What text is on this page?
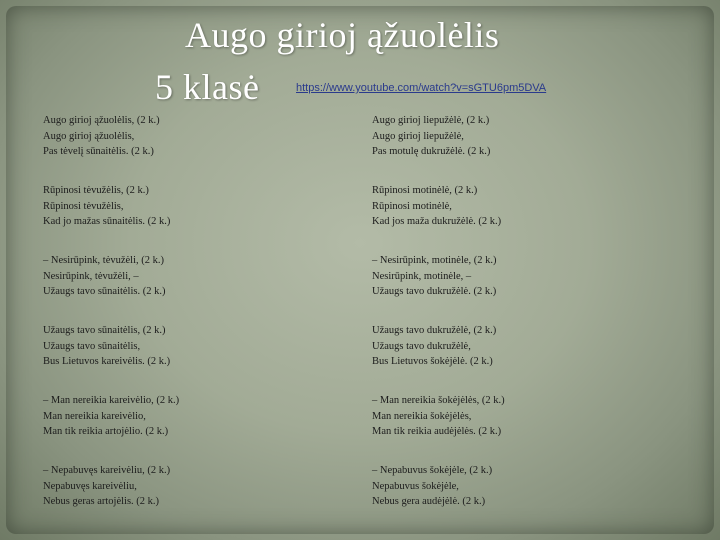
Augo girioj ąžuolėlis
5 klasė	https://www.youtube.com/watch?v=sGTU6pm5DVA
Augo girioj ąžuolėlis, (2 k.)
Augo girioj ąžuolėlis,
Pas tėvelį sūnaitėlis. (2 k.)
Rūpinosi tėvužėlis, (2 k.)
Rūpinosi tėvužėlis,
Kad jo mažas sūnaitėlis. (2 k.)
– Nesirūpink, tėvužėli, (2 k.)
Nesirūpink, tėvužėli, –
Užaugs tavo sūnaitėlis. (2 k.)
Užaugs tavo sūnaitėlis, (2 k.)
Užaugs tavo sūnaitėlis,
Bus Lietuvos kareivėlis. (2 k.)
– Man nereikia kareivėlio, (2 k.)
Man nereikia kareivėlio,
Man tik reikia artojėlio. (2 k.)
– Nepabuvęs kareivėliu, (2 k.)
Nepabuvęs kareivėliu,
Nebus geras artojėlis. (2 k.)
Augo girioj liepužėlė, (2 k.)
Augo girioj liepužėlė,
Pas motulę dukružėlė. (2 k.)
Rūpinosi motinėlė, (2 k.)
Rūpinosi motinėlė,
Kad jos maža dukružėlė. (2 k.)
– Nesirūpink, motinėle, (2 k.)
Nesirūpink, motinėle, –
Užaugs tavo dukružėlė. (2 k.)
Užaugs tavo dukružėlė, (2 k.)
Užaugs tavo dukružėlė,
Bus Lietuvos šokėjėlė. (2 k.)
– Man nereikia šokėjėlės, (2 k.)
Man nereikia šokėjėlės,
Man tik reikia audėjėlės. (2 k.)
– Nepabuvus šokėjėle, (2 k.)
Nepabuvus šokėjėle,
Nebus gera audėjėlė. (2 k.)
